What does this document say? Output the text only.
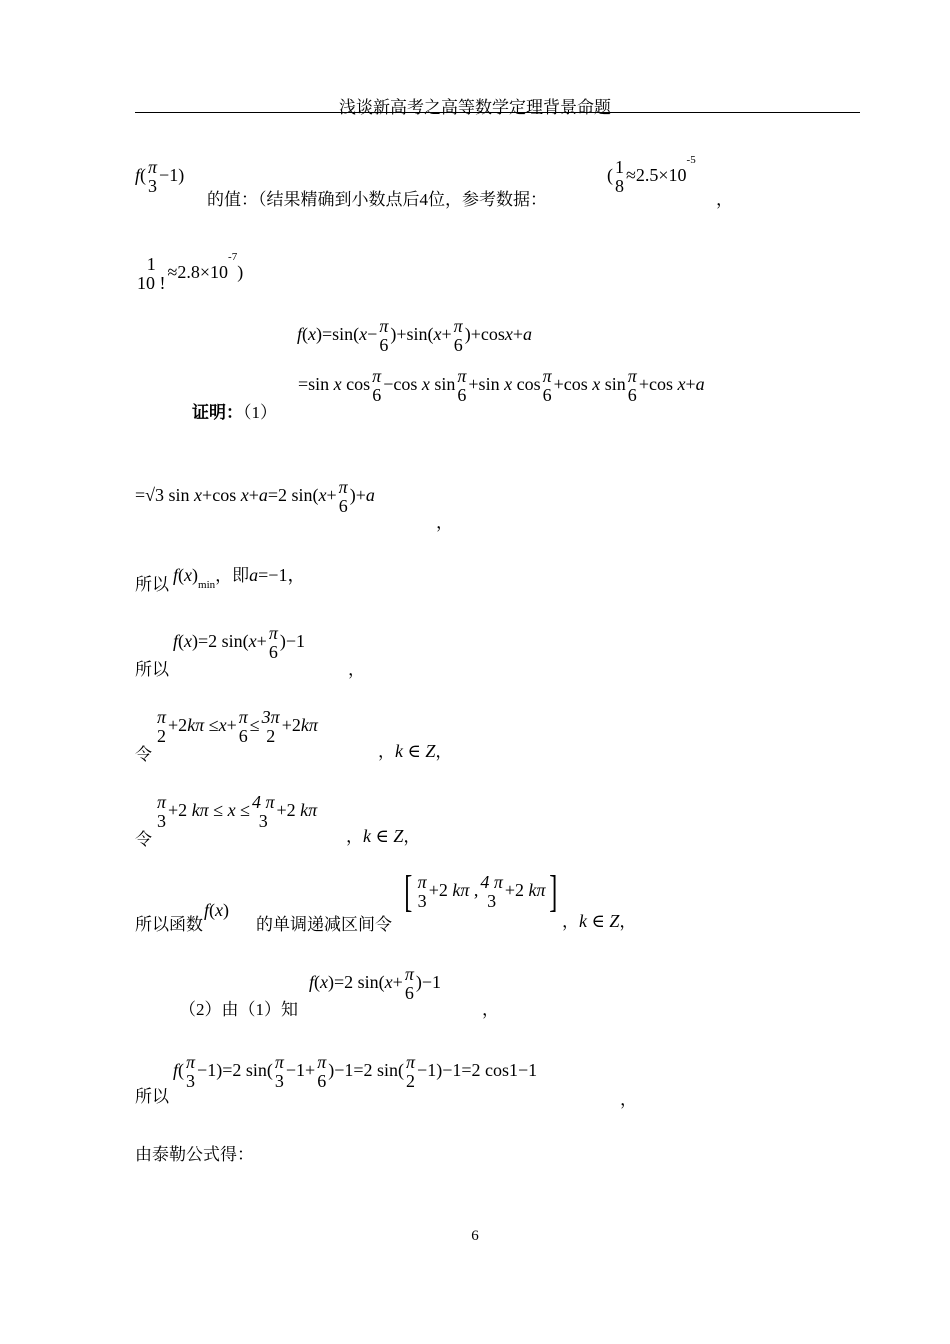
浅谈新高考之高等数学定理背景命题
f( π
3
−1)
的值：（结果精确到小数点后4位，参考数据：
( 1
8
$\approx 2.5\times 10^{-5}$
，
1
10 !
$\approx 2.8\times 10^{-7}$)
f(x)=sin(x− π
6
)+sin(x+ π
6
)+cosx+a
证明：（1）
=sin x cos π
6
−cos x sin π
6
+sin x cos π
6
+cos x sin π
6
+cos x+a
=√3 sin x+cos x+a=2 sin(x+ π
6
)+a
，
所以 $f(x)_{min}$，即a=−1，
所以
f(x)=2 sin(x+ π
6
)−1
，
令
π
2
+2kπ ≤x+ π
6
≤ 3π
2
+2kπ
，k ∈ Z，
令
π
3
+2 kπ ≤ x ≤ 4 π
3
+2 kπ
，k ∈ Z，
所以函数
f(x)
的单调递减区间令
[ π
3
+2 kπ , 4 π
3
+2 kπ]
，k ∈ Z，
（2）由（1）知
f(x)=2 sin(x+ π
6
)−1
，
所以
f( π
3
−1)=2 sin( π
3
−1+ π
6
)−1=2 sin( π
2
−1)−1=2 cos1−1
，
由泰勒公式得：
6
